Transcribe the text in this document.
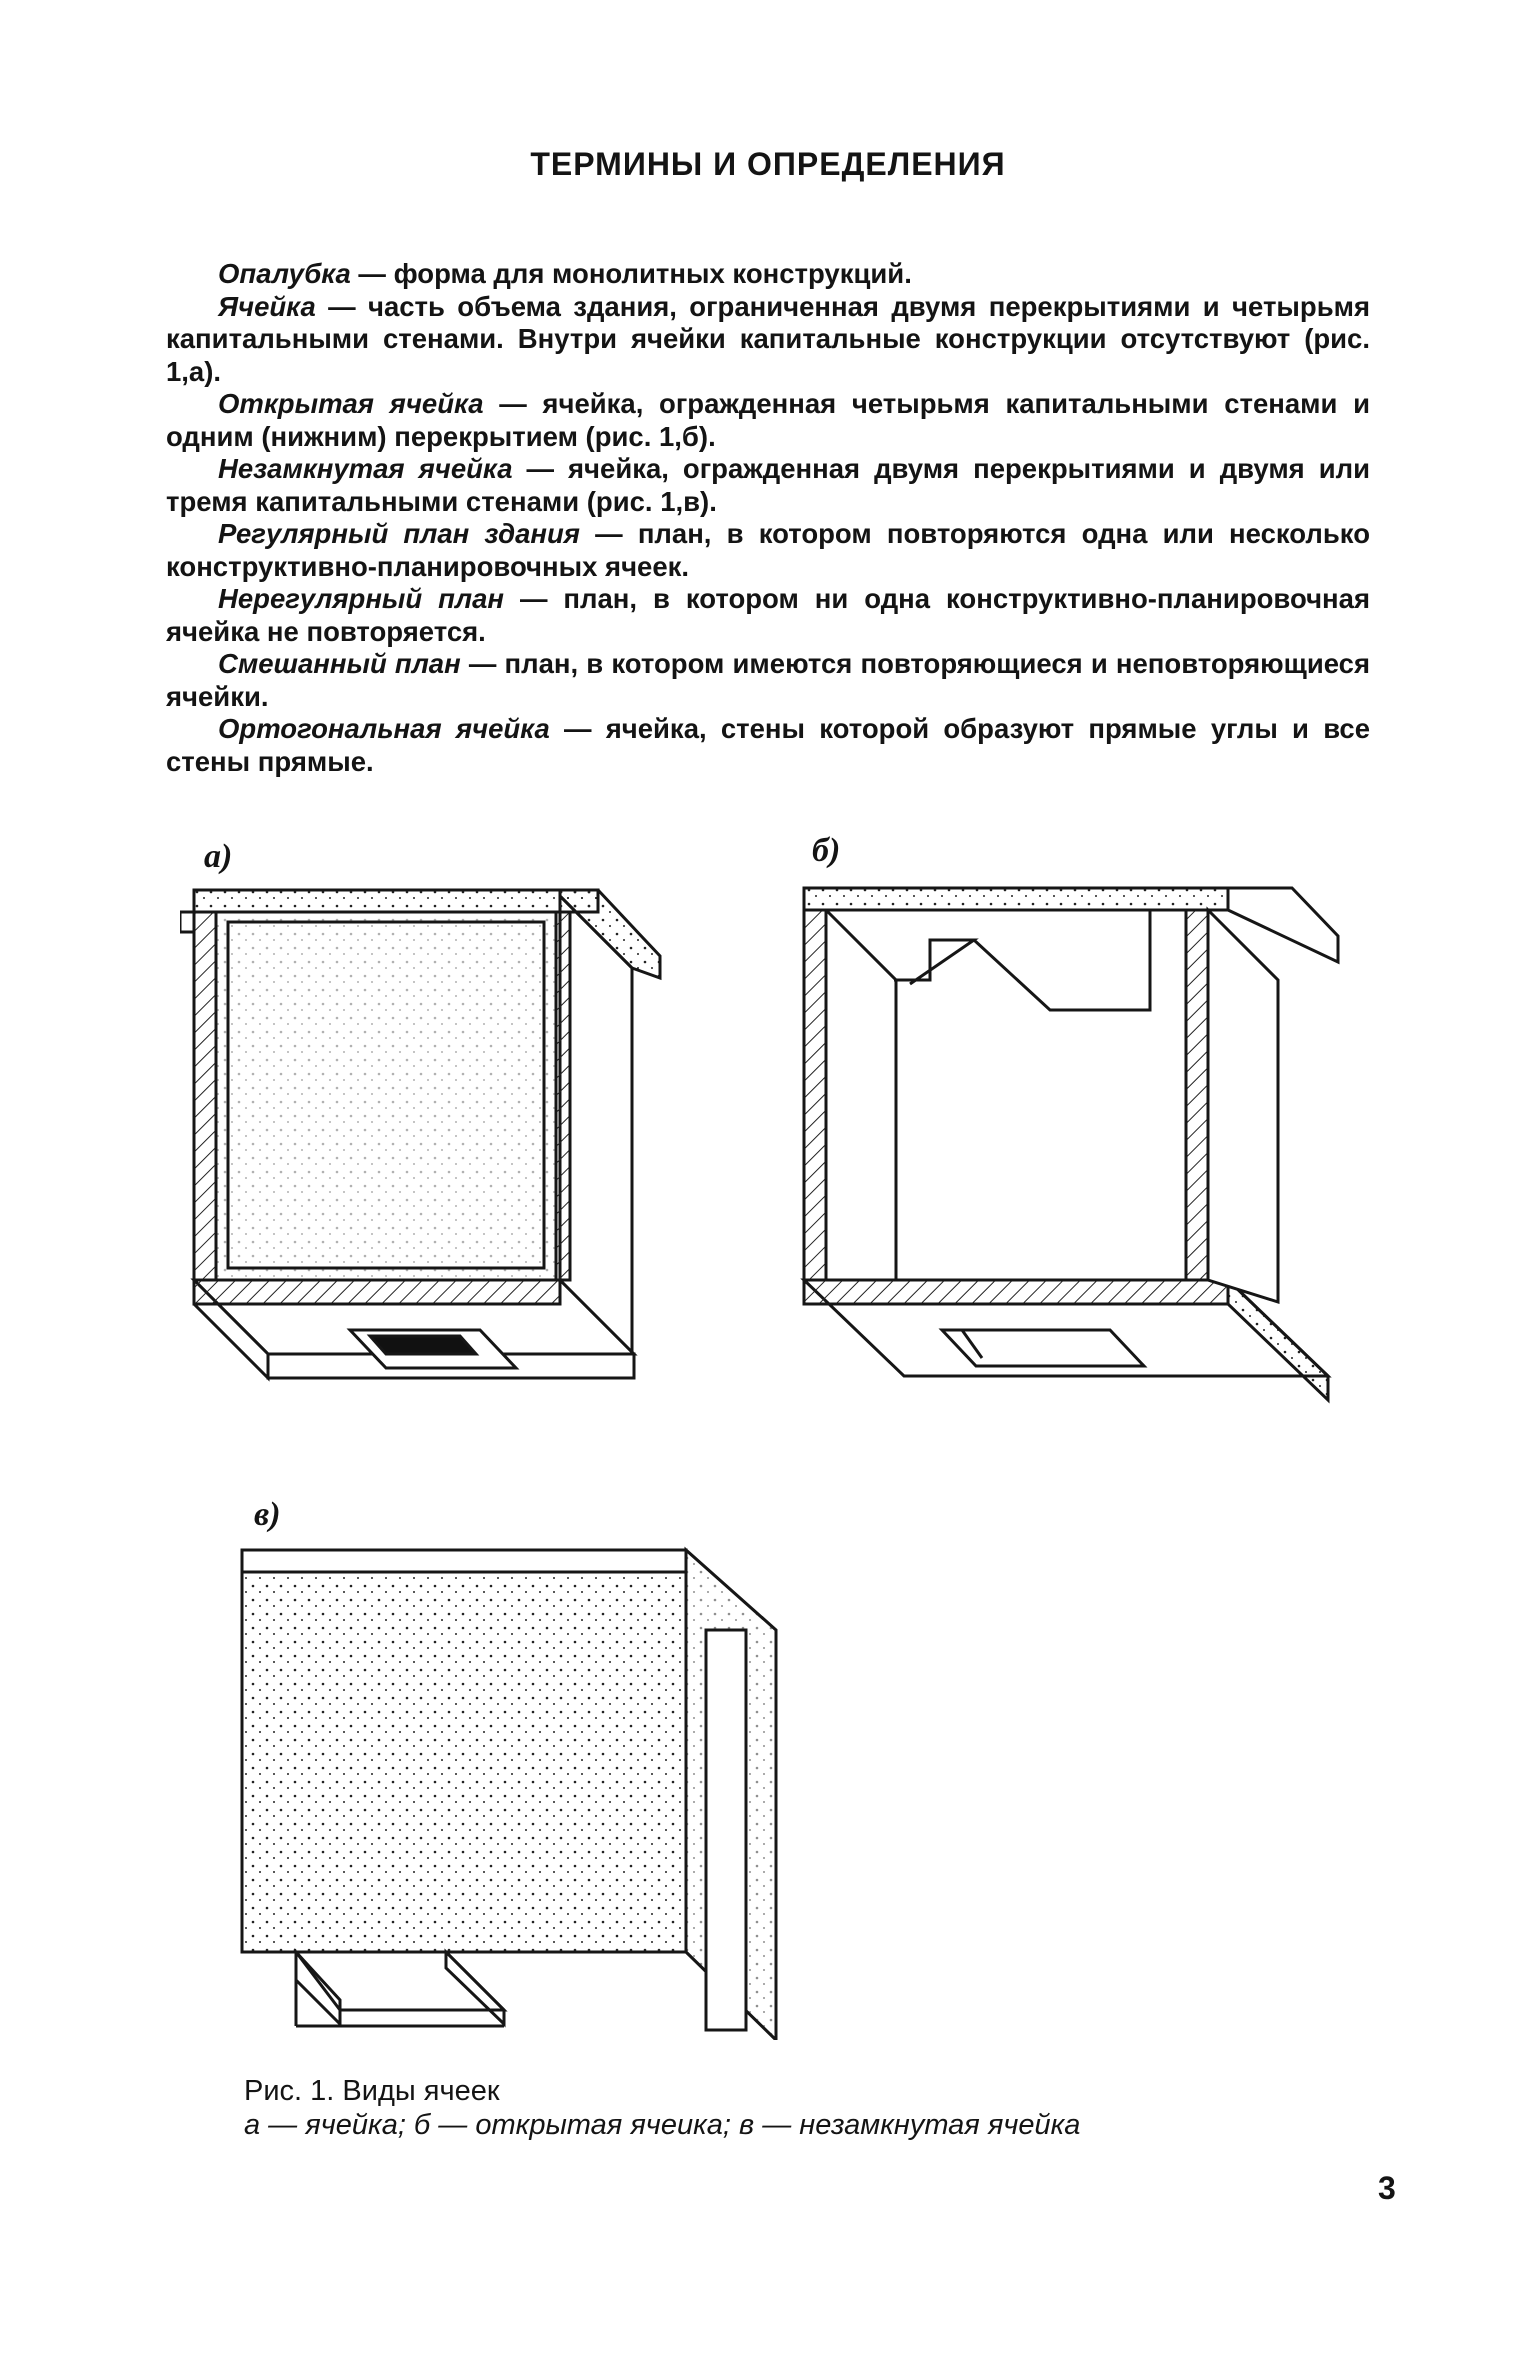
ТЕРМИНЫ И ОПРЕДЕЛЕНИЯ

Опалубка — форма для монолитных конструкций.

Ячейка — часть объема здания, ограниченная двумя перекрытиями и четырьмя капитальными стенами. Внутри ячейки капитальные конструкции отсутствуют (рис. 1,а).

Открытая ячейка — ячейка, огражденная четырьмя капитальными стенами и одним (нижним) перекрытием (рис. 1,б).

Незамкнутая ячейка — ячейка, огражденная двумя перекрытиями и двумя или тремя капитальными стенами (рис. 1,в).

Регулярный план здания — план, в котором повторяются одна или несколько конструктивно-планировочных ячеек.

Нерегулярный план — план, в котором ни одна конструктивно-планировочная ячейка не повторяется.

Смешанный план — план, в котором имеются повторяющиеся и неповторяющиеся ячейки.

Ортогональная ячейка — ячейка, стены которой образуют прямые углы и все стены прямые.

а)	б)
в)
Рис. 1. Виды ячеек
а — ячейка; б — открытая ячеика; в — незамкнутая ячейка
3
